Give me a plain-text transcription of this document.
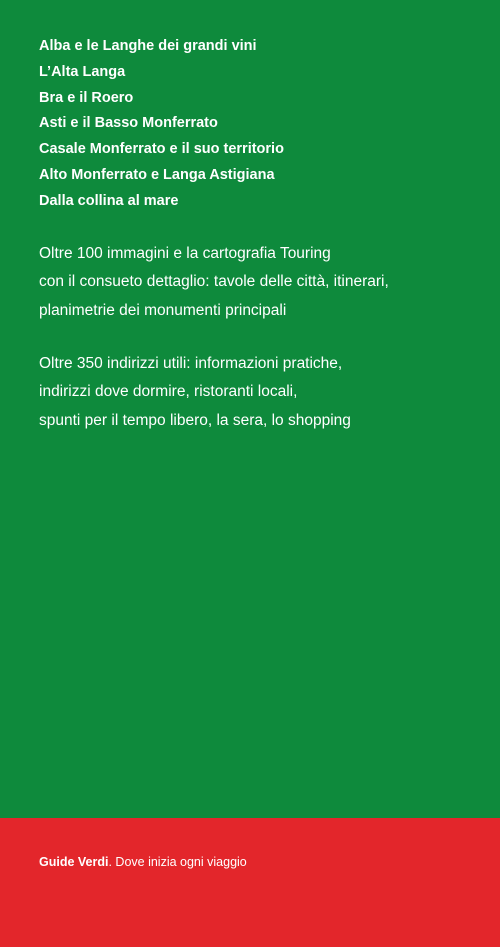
Alba e le Langhe dei grandi vini
L’Alta Langa
Bra e il Roero
Asti e il Basso Monferrato
Casale Monferrato e il suo territorio
Alto Monferrato e Langa Astigiana
Dalla collina al mare

Oltre 100 immagini e la cartografia Touring
con il consueto dettaglio: tavole delle città, itinerari,
planimetrie dei monumenti principali

Oltre 350 indirizzi utili: informazioni pratiche,
indirizzi dove dormire, ristoranti locali,
spunti per il tempo libero, la sera, lo shopping

Guide Verdi. Dove inizia ogni viaggio
